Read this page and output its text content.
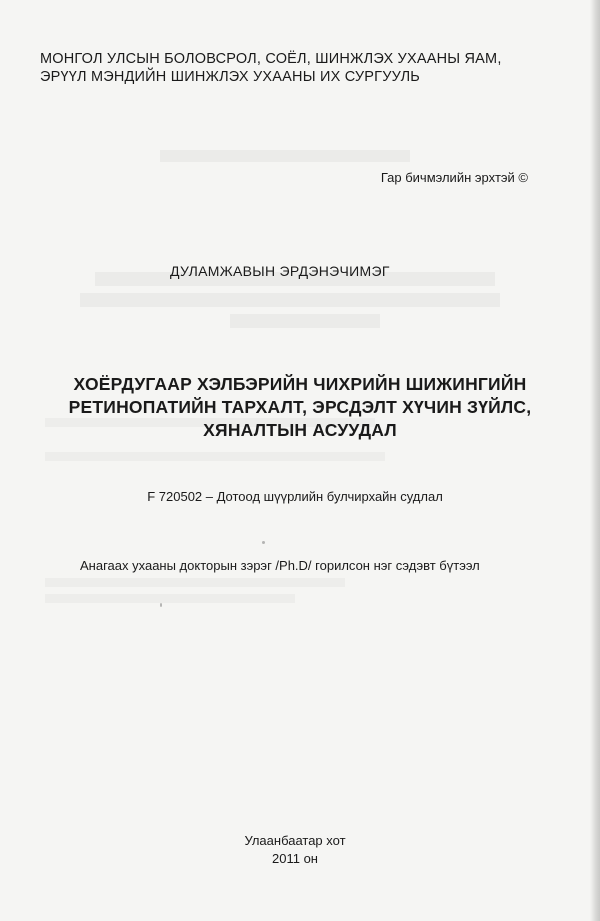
МОНГОЛ УЛСЫН БОЛОВСРОЛ, СОЁЛ, ШИНЖЛЭХ УХААНЫ ЯАМ,
ЭРҮҮЛ МЭНДИЙН ШИНЖЛЭХ УХААНЫ ИХ СУРГУУЛЬ
Гар бичмэлийн эрхтэй ©
ДУЛАМЖАВЫН ЭРДЭНЭЧИМЭГ
ХОЁРДУГААР ХЭЛБЭРИЙН ЧИХРИЙН ШИЖИНГИЙН
РЕТИНОПАТИЙН ТАРХАЛТ, ЭРСДЭЛТ ХҮЧИН ЗҮЙЛС,
ХЯНАЛТЫН АСУУДАЛ
F 720502 – Дотоод шүүрлийн булчирхайн судлал
Анагаах ухааны докторын зэрэг /Ph.D/ горилсон нэг сэдэвт бүтээл
Улаанбаатар хот
2011 он
